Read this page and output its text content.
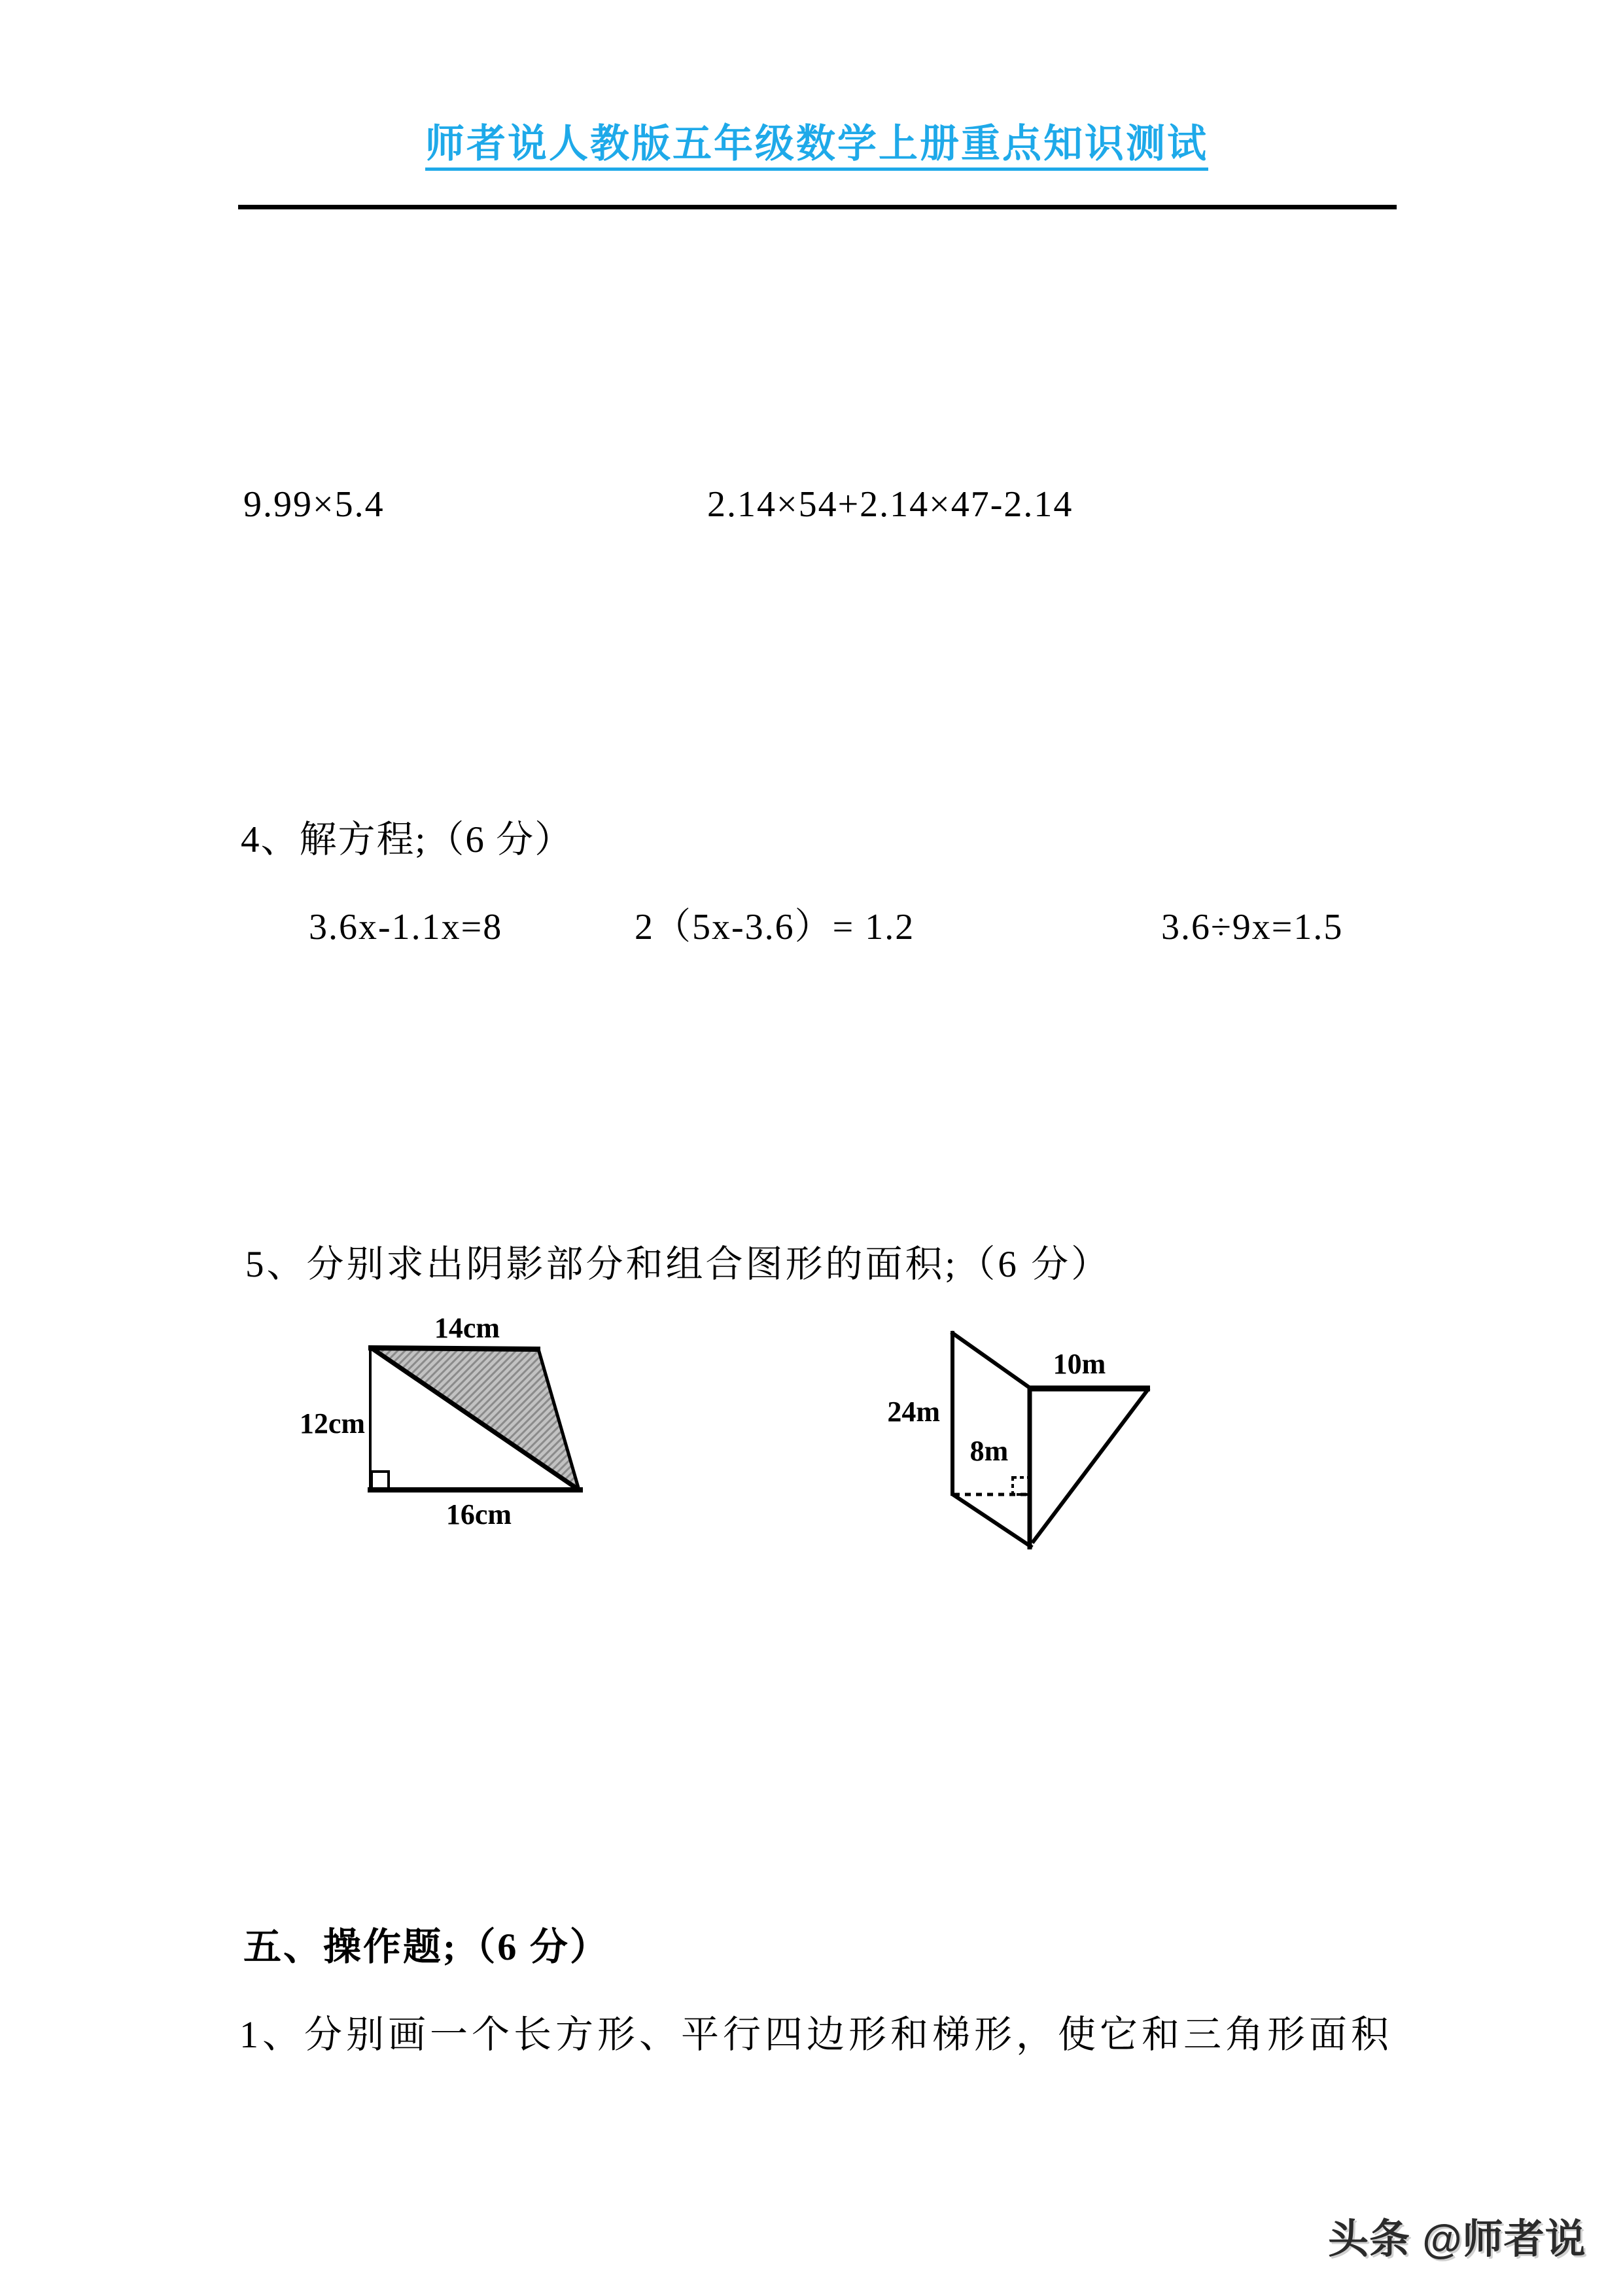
师者说人教版五年级数学上册重点知识测试
9.99×5.4	2.14×54+2.14×47-2.14
4、解方程;（6 分）
3.6x-1.1x=8	2（5x-3.6）= 1.2	3.6÷9x=1.5
5、分别求出阴影部分和组合图形的面积;（6 分）
14cm
12cm
16cm
24m
8m
10m
五、操作题;（6 分）
1、分别画一个长方形、平行四边形和梯形，使它和三角形面积
头条 @师者说
